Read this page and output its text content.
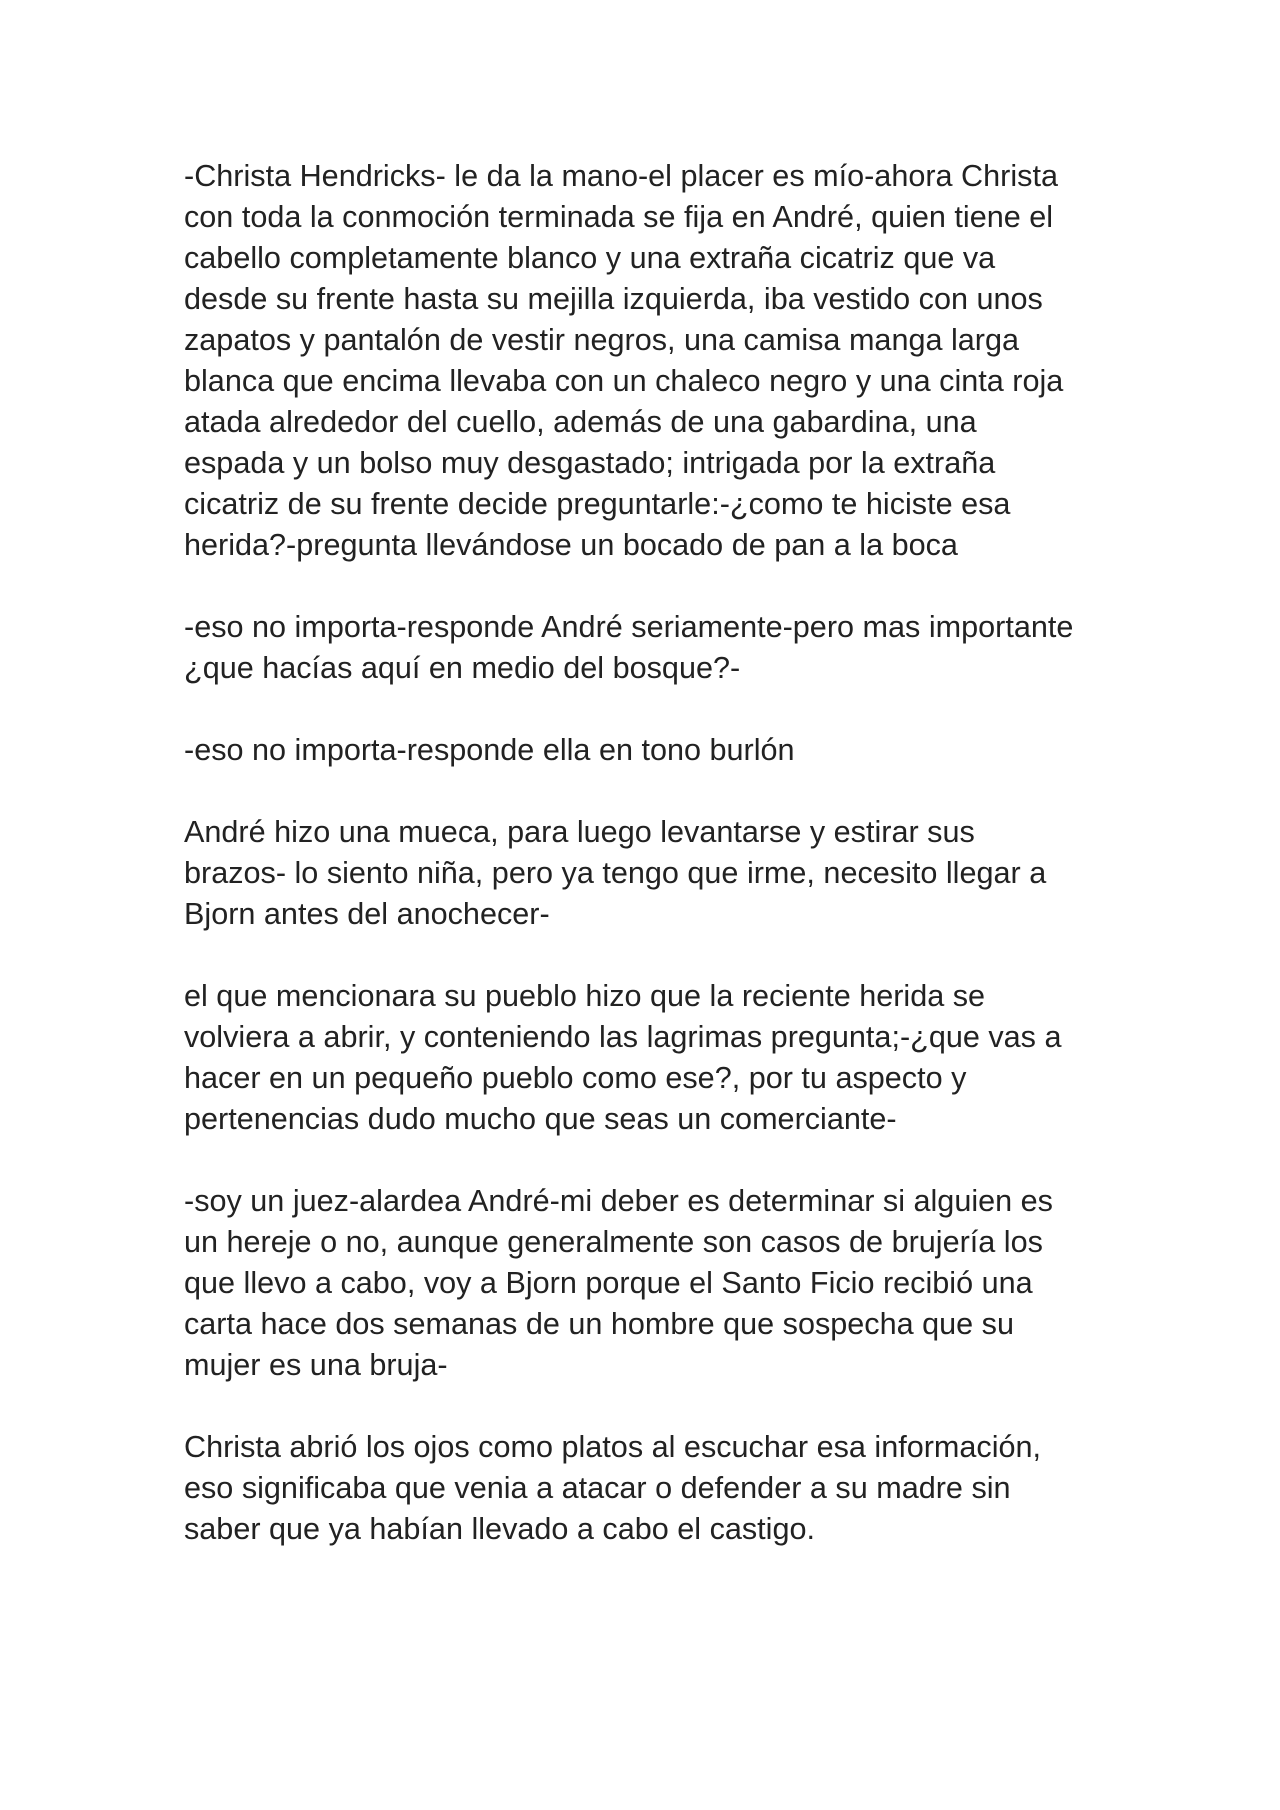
-Christa Hendricks- le da la mano-el placer es mío-ahora Christa
con toda la conmoción terminada se fija en André, quien tiene el
cabello completamente blanco y una extraña cicatriz que va
desde su frente hasta su mejilla izquierda, iba vestido con unos
zapatos y pantalón de vestir negros, una camisa manga larga
blanca que encima llevaba con un chaleco negro y una cinta roja
atada alrededor del cuello, además de una gabardina, una
espada y un bolso muy desgastado; intrigada por la extraña
cicatriz de su frente decide preguntarle:-¿como te hiciste esa
herida?-pregunta llevándose un bocado de pan a la boca

-eso no importa-responde André seriamente-pero mas importante
¿que hacías aquí en medio del bosque?-

-eso no importa-responde ella en tono burlón

André hizo una mueca, para luego levantarse y estirar sus
brazos- lo siento niña, pero ya tengo que irme, necesito llegar a
Bjorn antes del anochecer-

el que mencionara su pueblo hizo que la reciente herida se
volviera a abrir, y conteniendo las lagrimas pregunta;-¿que vas a
hacer en un pequeño pueblo como ese?, por tu aspecto y
pertenencias dudo mucho que seas un comerciante-

-soy un juez-alardea André-mi deber es determinar si alguien es
un hereje o no, aunque generalmente son casos de brujería los
que llevo a cabo, voy a Bjorn porque el Santo Ficio recibió una
carta hace dos semanas de un hombre que sospecha que su
mujer es una bruja-

Christa abrió los ojos como platos al escuchar esa información,
eso significaba que venia a atacar o defender a su madre sin
saber que ya habían llevado a cabo el castigo.
